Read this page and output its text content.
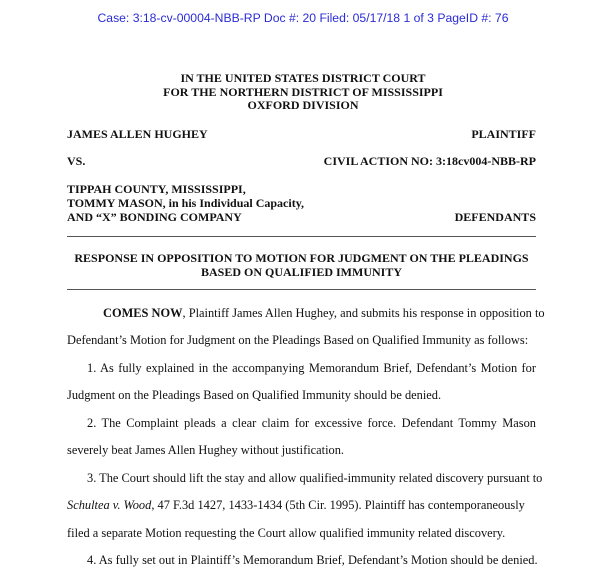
Case: 3:18-cv-00004-NBB-RP Doc #: 20 Filed: 05/17/18 1 of 3 PageID #: 76
IN THE UNITED STATES DISTRICT COURT
FOR THE NORTHERN DISTRICT OF MISSISSIPPI
OXFORD DIVISION
JAMES ALLEN HUGHEY	PLAINTIFF
VS.	CIVIL ACTION NO: 3:18cv004-NBB-RP
TIPPAH COUNTY, MISSISSIPPI,
TOMMY MASON, in his Individual Capacity,
AND “X” BONDING COMPANY	DEFENDANTS
RESPONSE IN OPPOSITION TO MOTION FOR JUDGMENT ON THE PLEADINGS
BASED ON QUALIFIED IMMUNITY
COMES NOW, Plaintiff James Allen Hughey, and submits his response in opposition to
Defendant’s Motion for Judgment on the Pleadings Based on Qualified Immunity as follows:
1. As fully explained in the accompanying Memorandum Brief, Defendant’s Motion for
Judgment on the Pleadings Based on Qualified Immunity should be denied.
2. The Complaint pleads a clear claim for excessive force. Defendant Tommy Mason
severely beat James Allen Hughey without justification.
3. The Court should lift the stay and allow qualified-immunity related discovery pursuant to
Schultea v. Wood, 47 F.3d 1427, 1433-1434 (5th Cir. 1995). Plaintiff has contemporaneously
filed a separate Motion requesting the Court allow qualified immunity related discovery.
4. As fully set out in Plaintiff’s Memorandum Brief, Defendant’s Motion should be denied.
